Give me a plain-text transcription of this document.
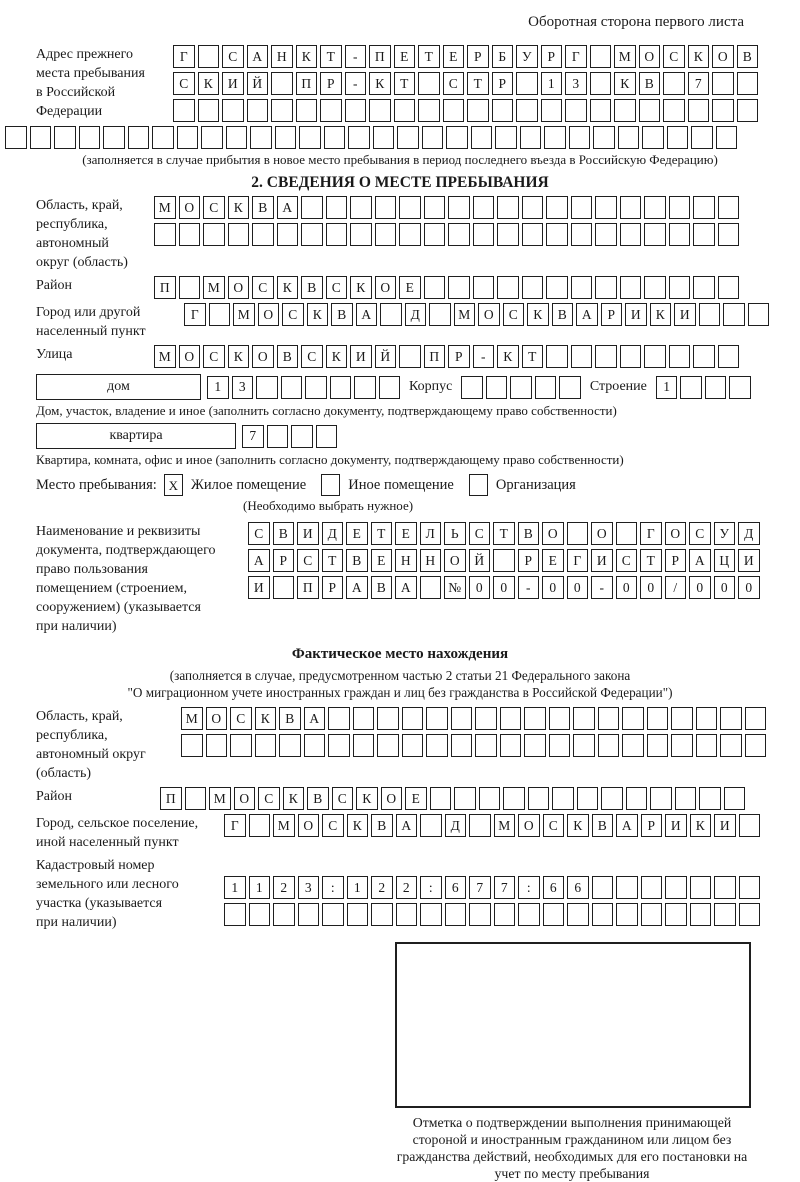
Оборотная сторона первого листа
Адрес прежнего
места пребывания
в Российской
Федерации
Г	С	А	Н	К	Т	-	П	Е	Т	Е	Р	Б	У	Р	Г	М	О	С	К	О	В
С	К	И	Й	П	Р	-	К	Т	С	Т	Р	1	3	К	В	7
(заполняется в случае прибытия в новое место пребывания в период последнего въезда в Российскую Федерацию)
2. СВЕДЕНИЯ О МЕСТЕ ПРЕБЫВАНИЯ
Область, край,
республика,
автономный
округ (область)
М	О	С	К	В	А
Район	П	М	О	С	К	В	С	К	О	Е
Город или другой
населенный пункт
Г	М	О	С	К	В	А	Д	М	О	С	К	В	А	Р	И	К	И
Улица	М	О	С	К	О	В	С	К	И	Й	П	Р	-	К	Т
дом	1	3	Корпус	Строение	1
Дом, участок, владение и иное (заполнить согласно документу, подтверждающему право собственности)
квартира	7
Квартира, комната, офис и иное (заполнить согласно документу, подтверждающему право собственности)
Место пребывания: X Жилое помещение	Иное помещение	Организация
(Необходимо выбрать нужное)
Наименование и реквизиты
документа, подтверждающего
право пользования
помещением (строением,
сооружением) (указывается
при наличии)
С	В	И	Д	Е	Т	Е	Л	Ь	С	Т	В	О	О	Г	О	С	У	Д
А	Р	С	Т	В	Е	Н	Н	О	Й	Р	Е	Г	И	С	Т	Р	А	Ц	И
И	П	Р	А	В	А	№	0	0	-	0	0	-	0	0	/	0	0	0
Фактическое место нахождения
(заполняется в случае, предусмотренном частью 2 статьи 21 Федерального закона
"О миграционном учете иностранных граждан и лиц без гражданства в Российской Федерации")
Область, край,
республика,
автономный округ
(область)
М	О	С	К	В	А
Район	П	М	О	С	К	В	С	К	О	Е
Город, сельское поселение,
иной населенный пункт
Г	М	О	С	К	В	А	Д	М	О	С	К	В	А	Р	И	К	И
Кадастровый номер
земельного или лесного
участка (указывается
при наличии)
1	1	2	3	:	1	2	2	:	6	7	7	:	6	6
Отметка о подтверждении выполнения принимающей стороной и иностранным гражданином или лицом без гражданства действий, необходимых для его постановки на учет по месту пребывания
